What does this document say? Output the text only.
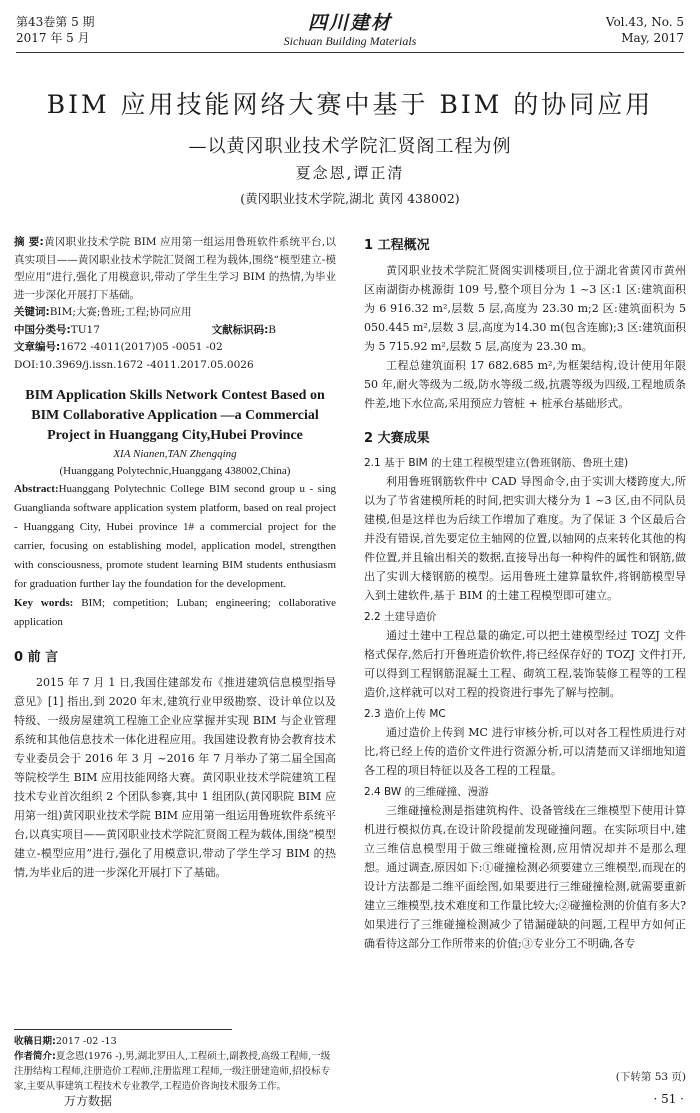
第43卷第 5 期
2017 年 5 月
四川建材
Sichuan Building Materials
Vol.43, No. 5
May, 2017
BIM 应用技能网络大赛中基于 BIM 的协同应用
—以黄冈职业技术学院汇贤阁工程为例
夏念恩,谭正清
(黄冈职业技术学院,湖北 黄冈 438002)

摘 要:黄冈职业技术学院 BIM 应用第一组运用鲁班软件系统平台,以真实项目——黄冈职业技术学院汇贤阁工程为载体,围绕“模型建立-模型应用”进行,强化了用模意识,带动了学生生学习 BIM 的热情,为毕业进一步深化开展打下基础。

关键词:BIM;大赛;鲁班;工程;协同应用
中国分类号:TU17	文献标识码:B
文章编号:1672 -4011(2017)05 -0051 -02
DOI:10.3969/j.issn.1672 -4011.2017.05.0026
BIM Application Skills Network Contest Based on BIM Collaborative Application —a Commercial Project in Huanggang City,Hubei Province
XIA Nianen,TAN Zhengqing
(Huanggang Polytechnic,Huanggang 438002,China)

Abstract:Huanggang Polytechnic College BIM second group u - sing Guanglianda software application system platform, based on real project - Huanggang City, Hubei province 1# a commercial project for the carrier, focusing on establishing model, application model, strengthen with consciousness, promote student learning BIM students enthusiasm for graduation further lay the foundation for the development.

Key words: BIM; competition; Luban; engineering; collaborative application

0 前 言

2015 年 7 月 1 日,我国住建部发布《推进建筑信息模型指导意见》[1] 指出,到 2020 年末,建筑行业甲级勘察、设计单位以及特级、一级房屋建筑工程施工企业应掌握并实现 BIM 与企业管理系统和其他信息技术一体化进程应用。我国建设教育协会教育技术专业委员会于 2016 年 3 月 ~2016 年 7 月举办了第二届全国高等院校学生 BIM 应用技能网络大赛。黄冈职业技术学院建筑工程技术专业首次组织 2 个团队参赛,其中 1 组团队(黄冈职院 BIM 应用第一组)黄冈职业技术学院 BIM 应用第一组运用鲁班软件系统平台,以真实项目——黄冈职业技术学院汇贤阁工程为载体,围绕“模型建立-模型应用”进行,强化了用模意识,带动了学生学习 BIM 的热情,为毕业后的进一步深化开展打下了基础。

1 工程概况

黄冈职业技术学院汇贤阁实训楼项目,位于湖北省黄冈市黄州区南湖街办桃源街 109 号,整个项目分为 1 ~3 区:1 区:建筑面积为 6 916.32 m²,层数 5 层,高度为 23.30 m;2 区:建筑面积为 5 050.445 m²,层数 3 层,高度为14.30 m(包含连廊);3 区:建筑面积为 5 715.92 m²,层数 5 层,高度为 23.30 m。

工程总建筑面积 17 682.685 m²,为框架结构,设计使用年限 50 年,耐火等级为二级,防水等级二级,抗震等级为四级,工程地质条件差,地下水位高,采用预应力管桩 + 桩承台基础形式。

2 大赛成果
2.1 基于 BIM 的土建工程模型建立(鲁班钢筋、鲁班土建)

利用鲁班钢筋软件中 CAD 导图命令,由于实训大楼跨度大,所以为了节省建模所耗的时间,把实训大楼分为 1 ~3 区,由不同队员建模,但是这样也为后续工作增加了难度。为了保证 3 个区最后合并没有错误,首先要定位主轴网的位置,以轴网的点来转化其他的构件位置,并且输出相关的数据,直接导出每一种构件的属性和钢筋,做出了实训大楼钢筋的模型。运用鲁班土建算量软件,将钢筋模型导入到土建软件,基于 BIM 的土建工程模型即可建立。

2.2 土建导造价

通过土建中工程总量的确定,可以把土建模型经过 TOZJ 文件格式保存,然后打开鲁班造价软件,将已经保存好的 TOZJ 文件打开,可以得到工程钢筋混凝土工程、砌筑工程,装饰装修工程等的工程造价,这样就可以对工程的投资进行事先了解与控制。

2.3 造价上传 MC

通过造价上传到 MC 进行审核分析,可以对各工程性质进行对比,将已经上传的造价文件进行资源分析,可以清楚而又详细地知道各工程的项目特征以及各工程的工程量。

2.4 BW 的三维碰撞、漫游

三维碰撞检测是指建筑构件、设备管线在三维模型下使用计算机进行模拟仿真,在设计阶段提前发现碰撞问题。在实际项目中,建立三维信息模型用于做三维碰撞检测,应用情况却并不是那么理想。通过调查,原因如下:①碰撞检测必须要建立三维模型,而现在的设计方法都是二维平面绘图,如果要进行三维碰撞检测,就需要重新建立三维模型,技术难度和工作量比较大;②碰撞检测的价值有多大?如果进行了三维碰撞检测减少了错漏碰缺的问题,工程甲方如何正确看待这部分工作所带来的价值;③专业分工不明确,各专

(下转第 53 页)
收稿日期:2017 -02 -13
作者简介:夏念恩(1976 -),男,湖北罗田人,工程硕士,副教授,高级工程师,一级注册结构工程师,注册造价工程师,注册监理工程师,一级注册建造师,招投标专家,主要从事建筑工程技术专业教学,工程造价咨询技术服务工作。
万方数据	· 51 ·
